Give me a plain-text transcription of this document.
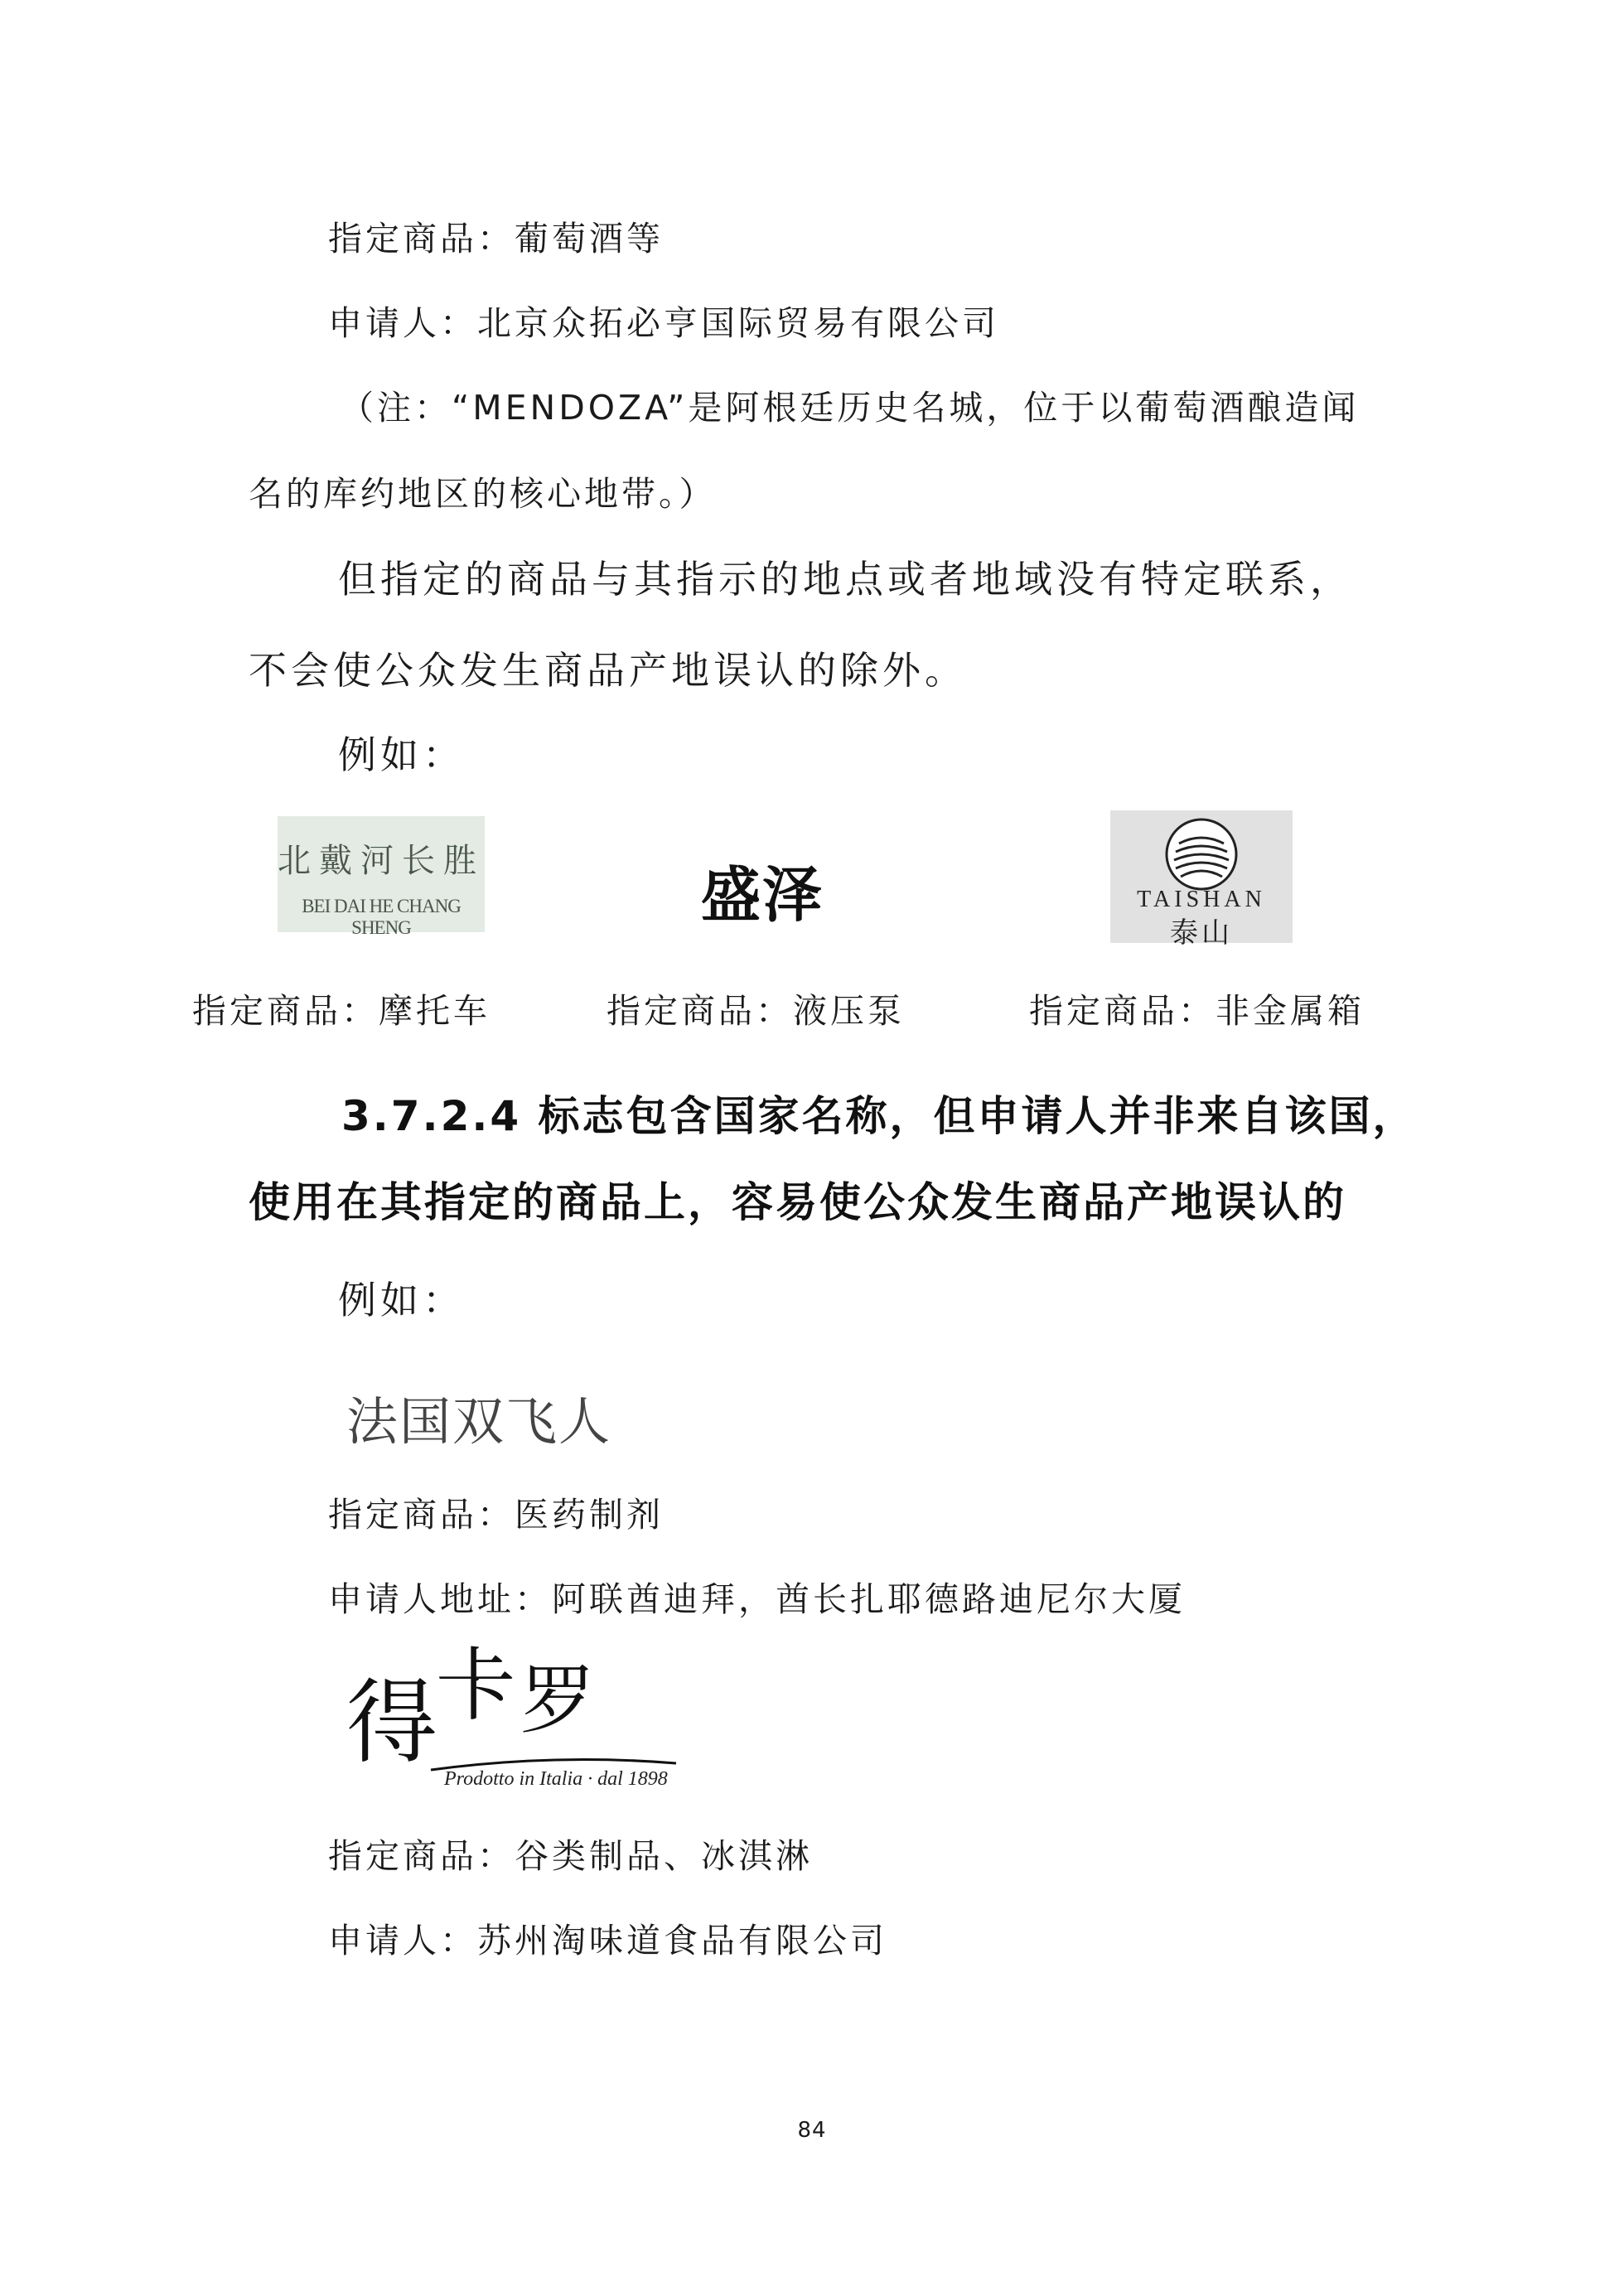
指定商品：葡萄酒等
申请人：北京众拓必亨国际贸易有限公司
（注：“MENDOZA”是阿根廷历史名城，位于以葡萄酒酿造闻
名的库约地区的核心地带。）
但指定的商品与其指示的地点或者地域没有特定联系，
不会使公众发生商品产地误认的除外。
例如：
北戴河长胜
BEI DAI HE CHANG SHENG	盛泽	TAISHAN
泰山
指定商品：摩托车	指定商品：液压泵	指定商品：非金属箱
3.7.2.4 标志包含国家名称，但申请人并非来自该国，
使用在其指定的商品上，容易使公众发生商品产地误认的
例如：
法国双飞人
指定商品：医药制剂
申请人地址：阿联酋迪拜，酋长扎耶德路迪尼尔大厦
得
卡 罗
Prodotto in Italia · dal 1898
指定商品：谷类制品、冰淇淋
申请人：苏州淘味道食品有限公司
84
